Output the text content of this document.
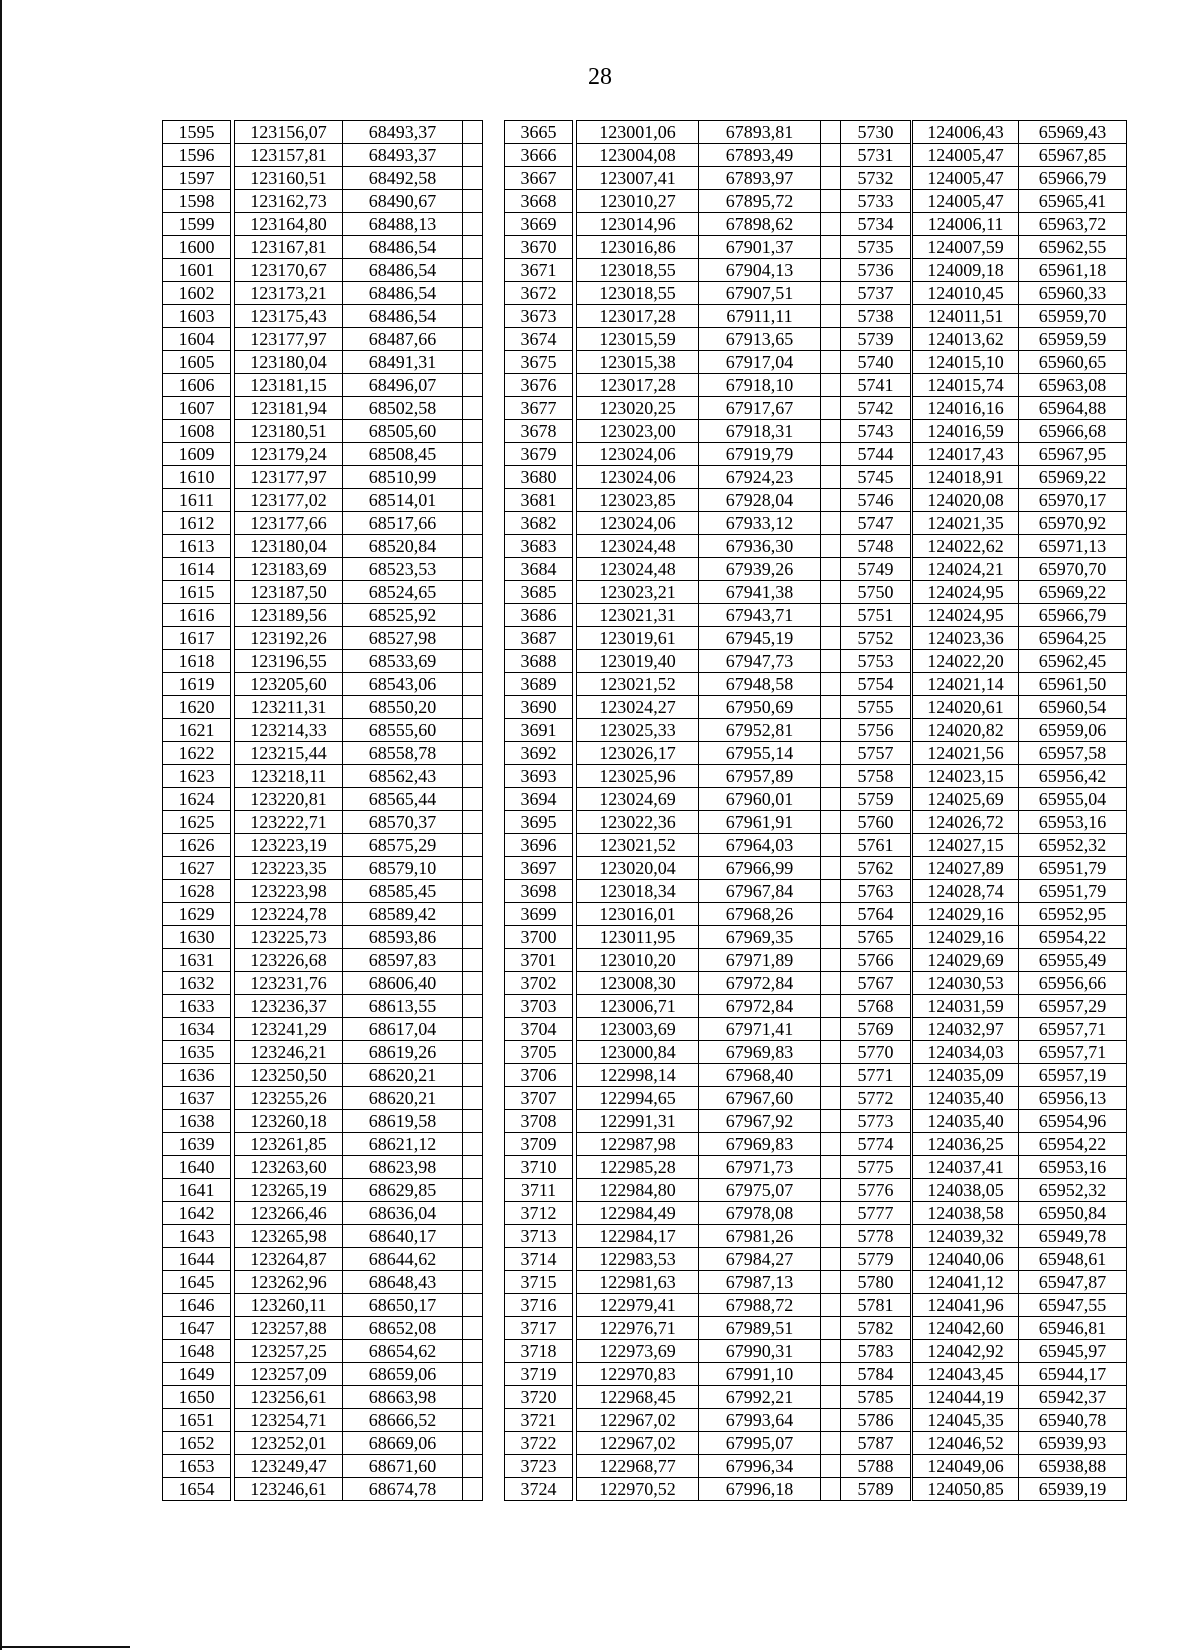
28
1595		123156,07	68493,37	
1596		123157,81	68493,37	
1597		123160,51	68492,58	
1598		123162,73	68490,67	
1599		123164,80	68488,13	
1600		123167,81	68486,54	
1601		123170,67	68486,54	
1602		123173,21	68486,54	
1603		123175,43	68486,54	
1604		123177,97	68487,66	
1605		123180,04	68491,31	
1606		123181,15	68496,07	
1607		123181,94	68502,58	
1608		123180,51	68505,60	
1609		123179,24	68508,45	
1610		123177,97	68510,99	
1611		123177,02	68514,01	
1612		123177,66	68517,66	
1613		123180,04	68520,84	
1614		123183,69	68523,53	
1615		123187,50	68524,65	
1616		123189,56	68525,92	
1617		123192,26	68527,98	
1618		123196,55	68533,69	
1619		123205,60	68543,06	
1620		123211,31	68550,20	
1621		123214,33	68555,60	
1622		123215,44	68558,78	
1623		123218,11	68562,43	
1624		123220,81	68565,44	
1625		123222,71	68570,37	
1626		123223,19	68575,29	
1627		123223,35	68579,10	
1628		123223,98	68585,45	
1629		123224,78	68589,42	
1630		123225,73	68593,86	
1631		123226,68	68597,83	
1632		123231,76	68606,40	
1633		123236,37	68613,55	
1634		123241,29	68617,04	
1635		123246,21	68619,26	
1636		123250,50	68620,21	
1637		123255,26	68620,21	
1638		123260,18	68619,58	
1639		123261,85	68621,12	
1640		123263,60	68623,98	
1641		123265,19	68629,85	
1642		123266,46	68636,04	
1643		123265,98	68640,17	
1644		123264,87	68644,62	
1645		123262,96	68648,43	
1646		123260,11	68650,17	
1647		123257,88	68652,08	
1648		123257,25	68654,62	
1649		123257,09	68659,06	
1650		123256,61	68663,98	
1651		123254,71	68666,52	
1652		123252,01	68669,06	
1653		123249,47	68671,60	
1654		123246,61	68674,78	
3665		123001,06	67893,81	
3666		123004,08	67893,49	
3667		123007,41	67893,97	
3668		123010,27	67895,72	
3669		123014,96	67898,62	
3670		123016,86	67901,37	
3671		123018,55	67904,13	
3672		123018,55	67907,51	
3673		123017,28	67911,11	
3674		123015,59	67913,65	
3675		123015,38	67917,04	
3676		123017,28	67918,10	
3677		123020,25	67917,67	
3678		123023,00	67918,31	
3679		123024,06	67919,79	
3680		123024,06	67924,23	
3681		123023,85	67928,04	
3682		123024,06	67933,12	
3683		123024,48	67936,30	
3684		123024,48	67939,26	
3685		123023,21	67941,38	
3686		123021,31	67943,71	
3687		123019,61	67945,19	
3688		123019,40	67947,73	
3689		123021,52	67948,58	
3690		123024,27	67950,69	
3691		123025,33	67952,81	
3692		123026,17	67955,14	
3693		123025,96	67957,89	
3694		123024,69	67960,01	
3695		123022,36	67961,91	
3696		123021,52	67964,03	
3697		123020,04	67966,99	
3698		123018,34	67967,84	
3699		123016,01	67968,26	
3700		123011,95	67969,35	
3701		123010,20	67971,89	
3702		123008,30	67972,84	
3703		123006,71	67972,84	
3704		123003,69	67971,41	
3705		123000,84	67969,83	
3706		122998,14	67968,40	
3707		122994,65	67967,60	
3708		122991,31	67967,92	
3709		122987,98	67969,83	
3710		122985,28	67971,73	
3711		122984,80	67975,07	
3712		122984,49	67978,08	
3713		122984,17	67981,26	
3714		122983,53	67984,27	
3715		122981,63	67987,13	
3716		122979,41	67988,72	
3717		122976,71	67989,51	
3718		122973,69	67990,31	
3719		122970,83	67991,10	
3720		122968,45	67992,21	
3721		122967,02	67993,64	
3722		122967,02	67995,07	
3723		122968,77	67996,34	
3724		122970,52	67996,18	
5730		124006,43	65969,43
5731		124005,47	65967,85
5732		124005,47	65966,79
5733		124005,47	65965,41
5734		124006,11	65963,72
5735		124007,59	65962,55
5736		124009,18	65961,18
5737		124010,45	65960,33
5738		124011,51	65959,70
5739		124013,62	65959,59
5740		124015,10	65960,65
5741		124015,74	65963,08
5742		124016,16	65964,88
5743		124016,59	65966,68
5744		124017,43	65967,95
5745		124018,91	65969,22
5746		124020,08	65970,17
5747		124021,35	65970,92
5748		124022,62	65971,13
5749		124024,21	65970,70
5750		124024,95	65969,22
5751		124024,95	65966,79
5752		124023,36	65964,25
5753		124022,20	65962,45
5754		124021,14	65961,50
5755		124020,61	65960,54
5756		124020,82	65959,06
5757		124021,56	65957,58
5758		124023,15	65956,42
5759		124025,69	65955,04
5760		124026,72	65953,16
5761		124027,15	65952,32
5762		124027,89	65951,79
5763		124028,74	65951,79
5764		124029,16	65952,95
5765		124029,16	65954,22
5766		124029,69	65955,49
5767		124030,53	65956,66
5768		124031,59	65957,29
5769		124032,97	65957,71
5770		124034,03	65957,71
5771		124035,09	65957,19
5772		124035,40	65956,13
5773		124035,40	65954,96
5774		124036,25	65954,22
5775		124037,41	65953,16
5776		124038,05	65952,32
5777		124038,58	65950,84
5778		124039,32	65949,78
5779		124040,06	65948,61
5780		124041,12	65947,87
5781		124041,96	65947,55
5782		124042,60	65946,81
5783		124042,92	65945,97
5784		124043,45	65944,17
5785		124044,19	65942,37
5786		124045,35	65940,78
5787		124046,52	65939,93
5788		124049,06	65938,88
5789		124050,85	65939,19
